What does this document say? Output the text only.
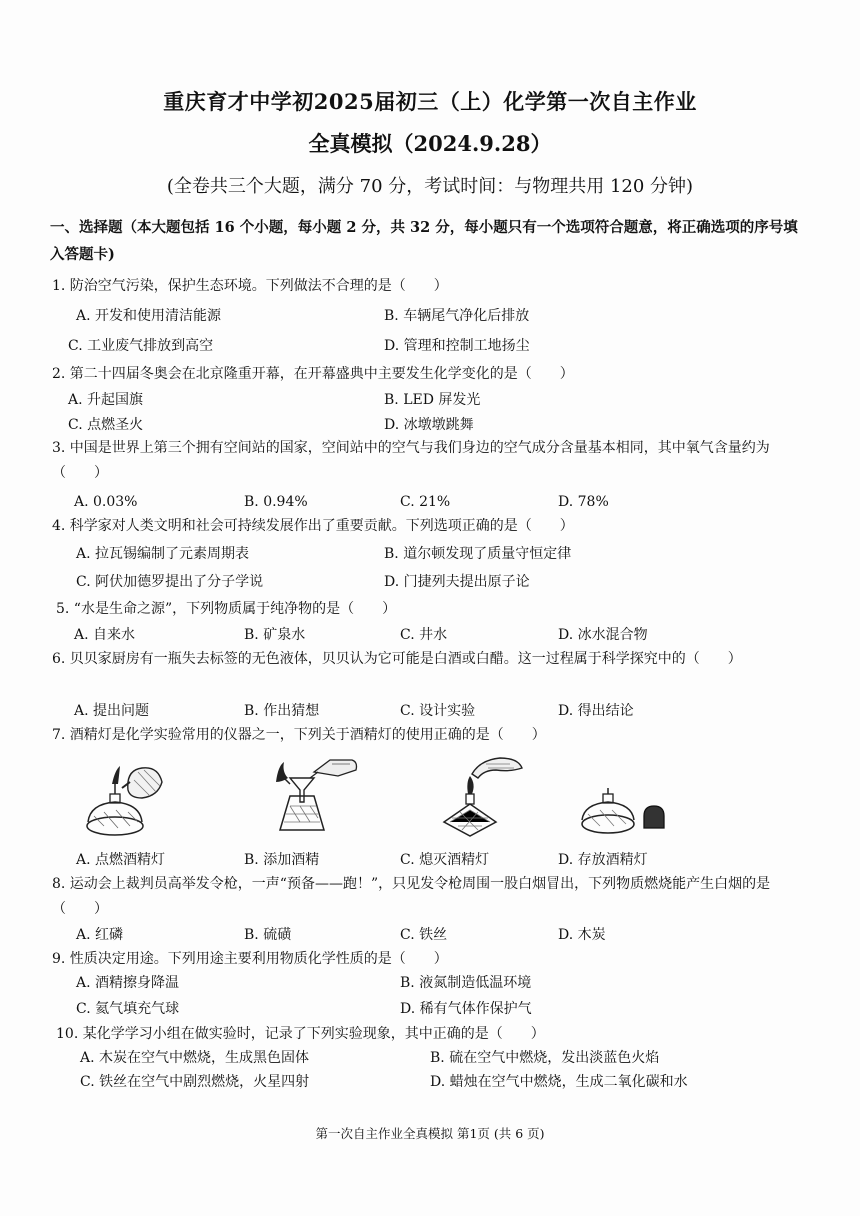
重庆育才中学初2025届初三（上）化学第一次自主作业
全真模拟（2024.9.28）
(全卷共三个大题，满分 70 分，考试时间：与物理共用 120 分钟)
一、选择题（本大题包括 16 个小题，每小题 2 分，共 32 分，每小题只有一个选项符合题意，将正确选项的序号填入答题卡)
1. 防治空气污染，保护生态环境。下列做法不合理的是（　　）
A. 开发和使用清洁能源	B. 车辆尾气净化后排放
C. 工业废气排放到高空	D. 管理和控制工地扬尘
2. 第二十四届冬奥会在北京隆重开幕，在开幕盛典中主要发生化学变化的是（　　）
A. 升起国旗	B. LED 屏发光
C. 点燃圣火	D. 冰墩墩跳舞
3. 中国是世界上第三个拥有空间站的国家，空间站中的空气与我们身边的空气成分含量基本相同，其中氧气含量约为（　　）
A. 0.03%	B. 0.94%	C. 21%	D. 78%
4. 科学家对人类文明和社会可持续发展作出了重要贡献。下列选项正确的是（　　）
A. 拉瓦锡编制了元素周期表	B. 道尔顿发现了质量守恒定律
C. 阿伏加德罗提出了分子学说	D. 门捷列夫提出原子论
5. “水是生命之源”，下列物质属于纯净物的是（　　）
A. 自来水	B. 矿泉水	C. 井水	D. 冰水混合物
6. 贝贝家厨房有一瓶失去标签的无色液体，贝贝认为它可能是白酒或白醋。这一过程属于科学探究中的（　　）
A. 提出问题	B. 作出猜想	C. 设计实验	D. 得出结论
7. 酒精灯是化学实验常用的仪器之一，下列关于酒精灯的使用正确的是（　　）
A. 点燃酒精灯	B. 添加酒精	C. 熄灭酒精灯	D. 存放酒精灯
8. 运动会上裁判员高举发令枪，一声“预备——跑！”，只见发令枪周围一股白烟冒出，下列物质燃烧能产生白烟的是（　　）
A. 红磷	B. 硫磺	C. 铁丝	D. 木炭
9. 性质决定用途。下列用途主要利用物质化学性质的是（　　）
A. 酒精擦身降温	B. 液氮制造低温环境
C. 氦气填充气球	D. 稀有气体作保护气
10. 某化学学习小组在做实验时，记录了下列实验现象，其中正确的是（　　）
A. 木炭在空气中燃烧，生成黑色固体	B. 硫在空气中燃烧，发出淡蓝色火焰
C. 铁丝在空气中剧烈燃烧，火星四射	D. 蜡烛在空气中燃烧，生成二氧化碳和水
第一次自主作业全真模拟 第1页 (共 6 页)
